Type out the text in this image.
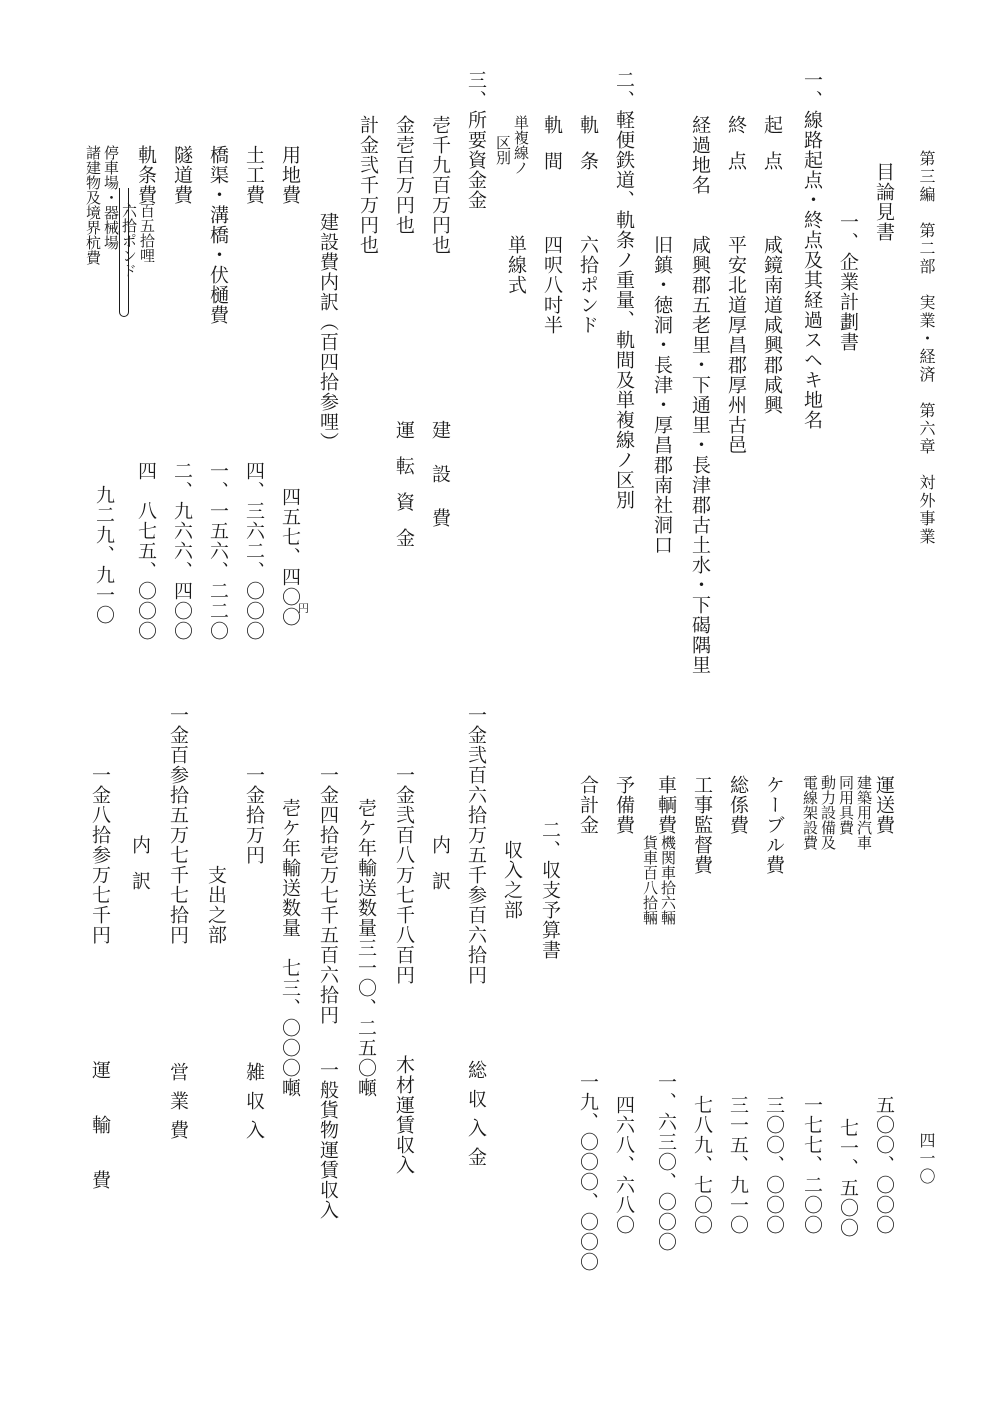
第三編　第二部　実業・経済　第六章　対外事業
四一〇
目論見書
一、企業計劃書
一、線路起点・終点及其経過スヘキ地名
起点
咸鏡南道咸興郡咸興
終点
平安北道厚昌郡厚州古邑
経過地名
咸興郡五老里・下通里・長津郡古土水・下碣隅里
旧鎮・徳洞・長津・厚昌郡南社洞口
二、軽便鉄道、軌条ノ重量、軌間及単複線ノ区別
軌条
六拾ポンド
軌間
四呎八吋半
単複線ノ
区別
単線式
三、所要資金金
壱千九百万円也
建設費
金壱百万円也
運転資金
計金弐千万円也
建設費内訳（百四拾参哩）
用地費
四五七、四〇〇
円
土工費
四、三六二、〇〇〇
橋渠・溝橋・伏樋費
一、一五六、二二〇
隧道費
二、九六六、四〇〇
軌条費
百五拾哩
六拾ポンド
四　八七五、〇〇〇
停車場・器械場
諸建物及境界杭費
九二九、九一〇
運送費
建築用汽車
同用具費
五〇〇、〇〇〇
動力設備及
電線架設費
七一、五〇〇
ケーブル費
一七七、二〇〇
総係費
三〇〇、〇〇〇
工事監督費
三一五、九一〇
車輌費
機関車拾六輛
貨車百八拾輛
七八九、七〇〇
予備費
一、六三〇、〇〇〇
合計金
四六八、六八〇
一九、〇〇〇、〇〇〇
二、収支予算書
収入之部
一金弐百六拾万五千参百六拾円
総収入金
内訳
一金弐百八万七千八百円
木材運賃収入
壱ケ年輸送数量三一〇、二五〇噸
一金四拾壱万七千五百六拾円
一般貨物運賃収入
壱ケ年輸送数量　七三、〇〇〇噸
一金拾万円
雑収入
支出之部
一金百参拾五万七千七拾円
営業費
内訳
一金八拾参万七千円
運輸費
